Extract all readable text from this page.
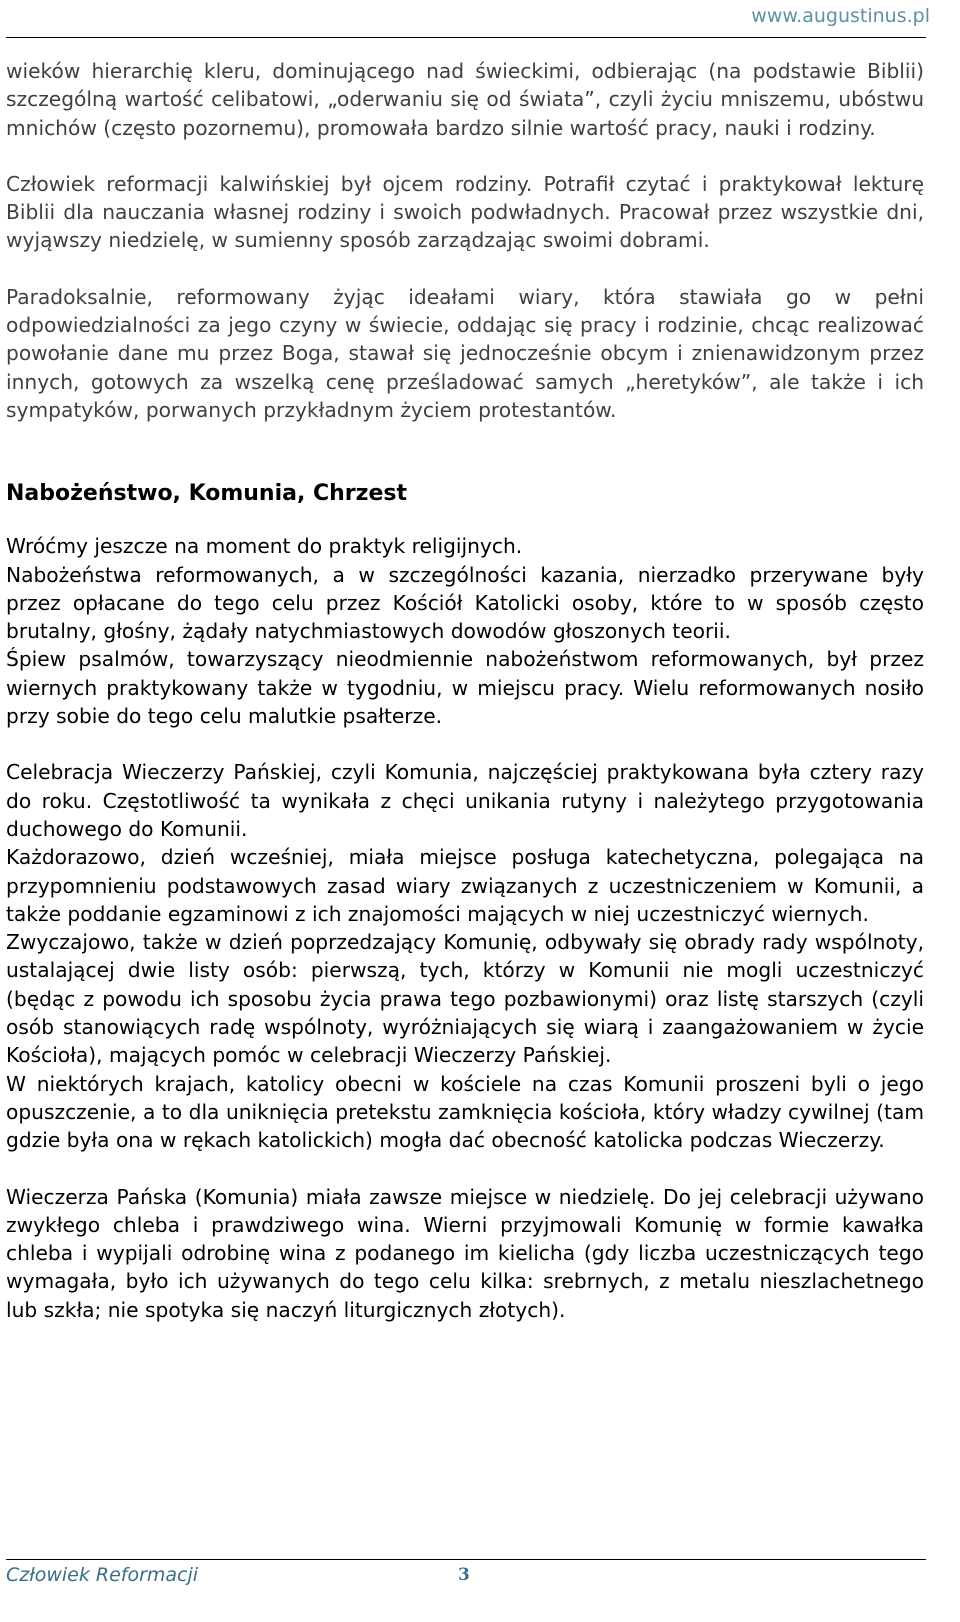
www.augustinus.pl

wieków hierarchię kleru, dominującego nad świeckimi, odbierając (na podstawie Biblii) szczególną wartość celibatowi, „oderwaniu się od świata”, czyli życiu mniszemu, ubóstwu mnichów (często pozornemu), promowała bardzo silnie wartość pracy, nauki i rodziny.

Człowiek reformacji kalwińskiej był ojcem rodziny. Potrafił czytać i praktykował lekturę Biblii dla nauczania własnej rodziny i swoich podwładnych. Pracował przez wszystkie dni, wyjąwszy niedzielę, w sumienny sposób zarządzając swoimi dobrami.

Paradoksalnie, reformowany żyjąc ideałami wiary, która stawiała go w pełni odpowiedzialności za jego czyny w świecie, oddając się pracy i rodzinie, chcąc realizować powołanie dane mu przez Boga, stawał się jednocześnie obcym i znienawidzonym przez innych, gotowych za wszelką cenę prześladować samych „heretyków”, ale także i ich sympatyków, porwanych przykładnym życiem protestantów.

Nabożeństwo, Komunia, Chrzest

Wróćmy jeszcze na moment do praktyk religijnych.

Nabożeństwa reformowanych, a w szczególności kazania, nierzadko przerywane były przez opłacane do tego celu przez Kościół Katolicki osoby, które to w sposób często brutalny, głośny, żądały natychmiastowych dowodów głoszonych teorii.

Śpiew psalmów, towarzyszący nieodmiennie nabożeństwom reformowanych, był przez wiernych praktykowany także w tygodniu, w miejscu pracy. Wielu reformowanych nosiło przy sobie do tego celu malutkie psałterze.

Celebracja Wieczerzy Pańskiej, czyli Komunia, najczęściej praktykowana była cztery razy do roku. Częstotliwość ta wynikała z chęci unikania rutyny i należytego przygotowania duchowego do Komunii.

Każdorazowo, dzień wcześniej, miała miejsce posługa katechetyczna, polegająca na przypomnieniu podstawowych zasad wiary związanych z uczestniczeniem w Komunii, a także poddanie egzaminowi z ich znajomości mających w niej uczestniczyć wiernych.

Zwyczajowo, także w dzień poprzedzający Komunię, odbywały się obrady rady wspólnoty, ustalającej dwie listy osób: pierwszą, tych, którzy w Komunii nie mogli uczestniczyć (będąc z powodu ich sposobu życia prawa tego pozbawionymi) oraz listę starszych (czyli osób stanowiących radę wspólnoty, wyróżniających się wiarą i zaangażowaniem w życie Kościoła), mających pomóc w celebracji Wieczerzy Pańskiej.

W niektórych krajach, katolicy obecni w kościele na czas Komunii proszeni byli o jego opuszczenie, a to dla uniknięcia pretekstu zamknięcia kościoła, który władzy cywilnej (tam gdzie była ona w rękach katolickich) mogła dać obecność katolicka podczas Wieczerzy.

Wieczerza Pańska (Komunia) miała zawsze miejsce w niedzielę. Do jej celebracji używano zwykłego chleba i prawdziwego wina. Wierni przyjmowali Komunię w formie kawałka chleba i wypijali odrobinę wina z podanego im kielicha (gdy liczba uczestniczących tego wymagała, było ich używanych do tego celu kilka: srebrnych, z metalu nieszlachetnego lub szkła; nie spotyka się naczyń liturgicznych złotych).

Człowiek Reformacji	3
